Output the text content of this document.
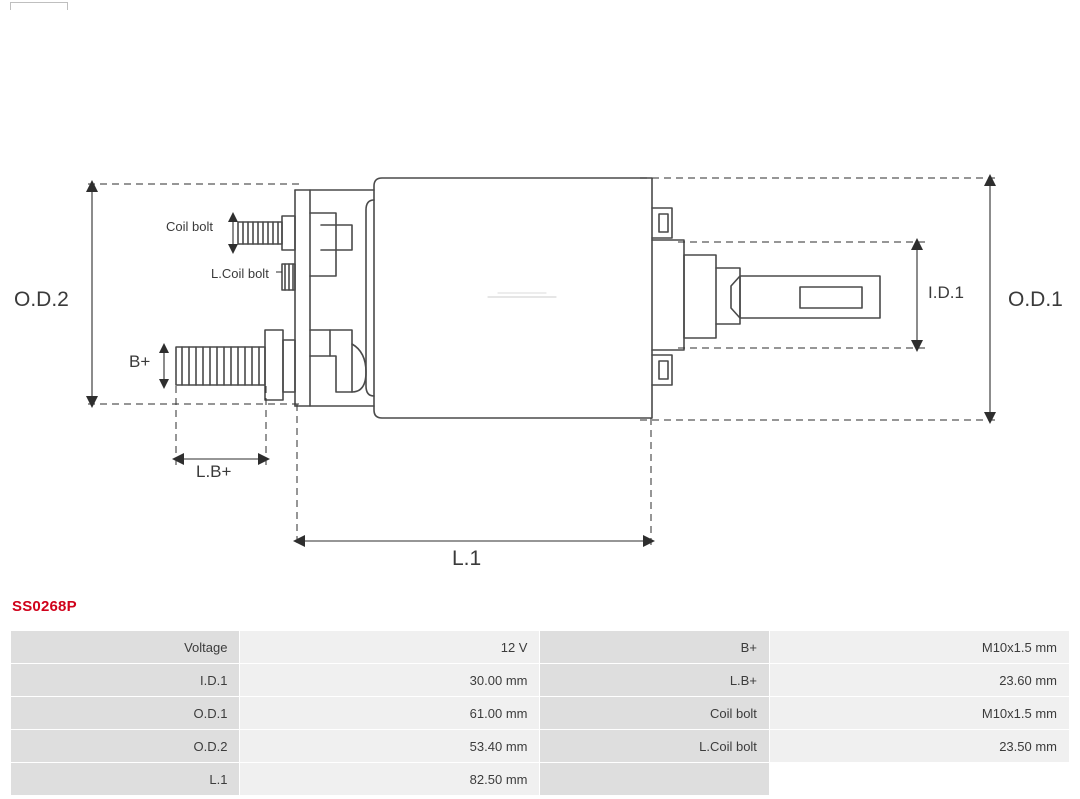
O.D.2	O.D.1
I.D.1
L.1
L.B+
B+
Coil bolt
L.Coil bolt
SS0268P
Voltage	12 V	B+	M10x1.5 mm
I.D.1	30.00 mm	L.B+	23.60 mm
O.D.1	61.00 mm	Coil bolt	M10x1.5 mm
O.D.2	53.40 mm	L.Coil bolt	23.50 mm
L.1	82.50 mm		
